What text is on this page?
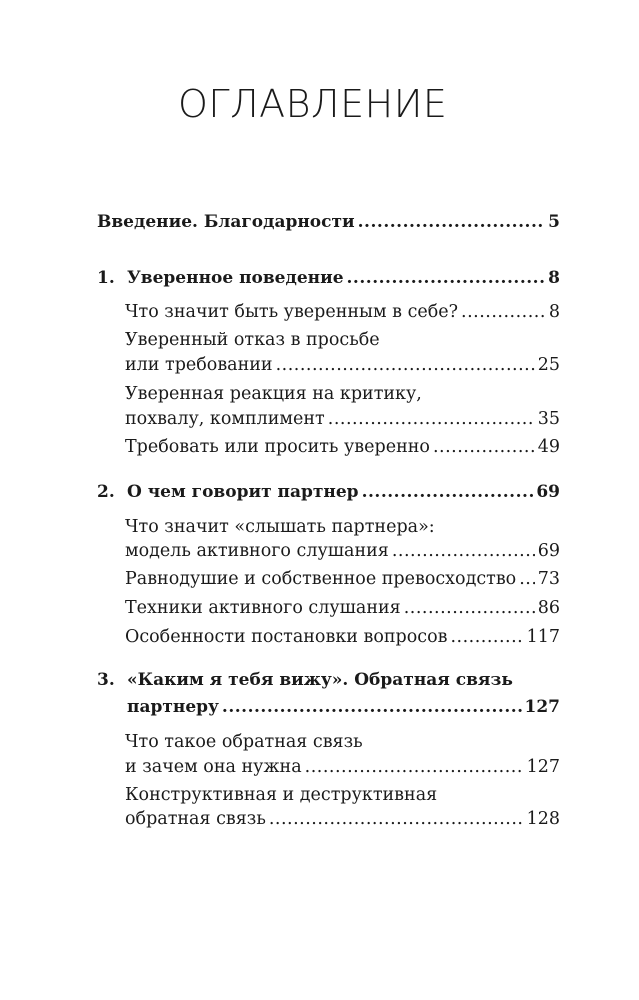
ОГЛАВЛЕНИЕ
Введение. Благодарности .....	5
1. Уверенное поведение .....	8
Что значит быть уверенным в себе? .....	8
Уверенный отказ в просьбе
или требовании .....	25
Уверенная реакция на критику,
похвалу, комплимент .....	35
Требовать или просить уверенно .....	49
2. О чем говорит партнер .....	69
Что значит «слышать партнера»:
модель активного слушания .....	69
Равнодушие и собственное превосходство ..... 73
Техники активного слушания .....	86
Особенности постановки вопросов .....	117
3. «Каким я тебя вижу». Обратная связь
партнеру .....	127
Что такое обратная связь
и зачем она нужна .....	127
Конструктивная и деструктивная
обратная связь .....	128
